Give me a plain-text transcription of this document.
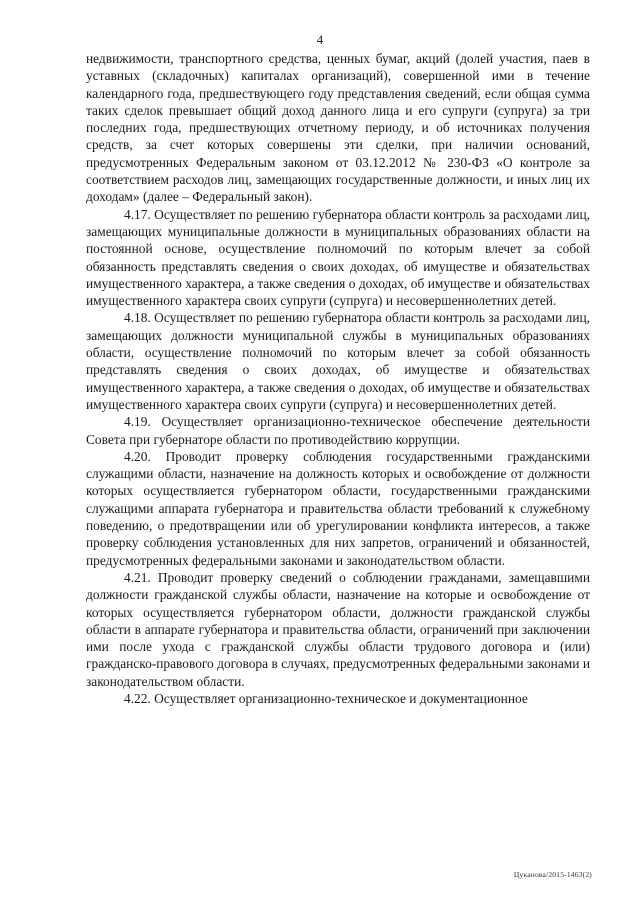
4

недвижимости, транспортного средства, ценных бумаг, акций (долей участия, паев в уставных (складочных) капиталах организаций), совершенной ими в течение календарного года, предшествующего году представления сведений, если общая сумма таких сделок превышает общий доход данного лица и его супруги (супруга) за три последних года, предшествующих отчетному периоду, и об источниках получения средств, за счет которых совершены эти сделки, при наличии оснований, предусмотренных Федеральным законом от 03.12.2012 № 230-ФЗ «О контроле за соответствием расходов лиц, замещающих государственные должности, и иных лиц их доходам» (далее – Федеральный закон).

4.17. Осуществляет по решению губернатора области контроль за расходами лиц, замещающих муниципальные должности в муниципальных образованиях области на постоянной основе, осуществление полномочий по которым влечет за собой обязанность представлять сведения о своих доходах, об имуществе и обязательствах имущественного характера, а также сведения о доходах, об имуществе и обязательствах имущественного характера своих супруги (супруга) и несовершеннолетних детей.

4.18. Осуществляет по решению губернатора области контроль за расходами лиц, замещающих должности муниципальной службы в муниципальных образованиях области, осуществление полномочий по которым влечет за собой обязанность представлять сведения о своих доходах, об имуществе и обязательствах имущественного характера, а также сведения о доходах, об имуществе и обязательствах имущественного характера своих супруги (супруга) и несовершеннолетних детей.

4.19. Осуществляет организационно-техническое обеспечение деятельности Совета при губернаторе области по противодействию коррупции.

4.20. Проводит проверку соблюдения государственными гражданскими служащими области, назначение на должность которых и освобождение от должности которых осуществляется губернатором области, государственными гражданскими служащими аппарата губернатора и правительства области требований к служебному поведению, о предотвращении или об урегулировании конфликта интересов, а также проверку соблюдения установленных для них запретов, ограничений и обязанностей, предусмотренных федеральными законами и законодательством области.

4.21. Проводит проверку сведений о соблюдении гражданами, замещавшими должности гражданской службы области, назначение на которые и освобождение от которых осуществляется губернатором области, должности гражданской службы области в аппарате губернатора и правительства области, ограничений при заключении ими после ухода с гражданской службы области трудового договора и (или) гражданско-правового договора в случаях, предусмотренных федеральными законами и законодательством области.

4.22. Осуществляет организационно-техническое и документационное

Цуканова/2015-1463(2)
